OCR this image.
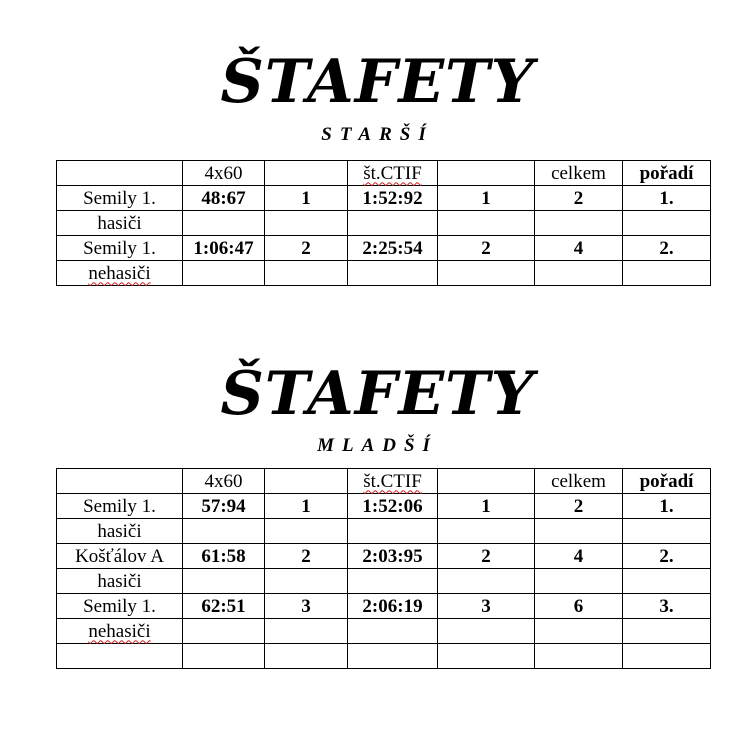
ŠTAFETY
STARŠÍ
	4x60		št.CTIF		celkem	pořadí
Semily 1.	48:67	1	1:52:92	1	2	1.
hasiči						
Semily 1.	1:06:47	2	2:25:54	2	4	2.
nehasiči						
ŠTAFETY
MLADŠÍ
	4x60		št.CTIF		celkem	pořadí
Semily 1.	57:94	1	1:52:06	1	2	1.
hasiči						
Košťálov A	61:58	2	2:03:95	2	4	2.
hasiči						
Semily 1.	62:51	3	2:06:19	3	6	3.
nehasiči						
